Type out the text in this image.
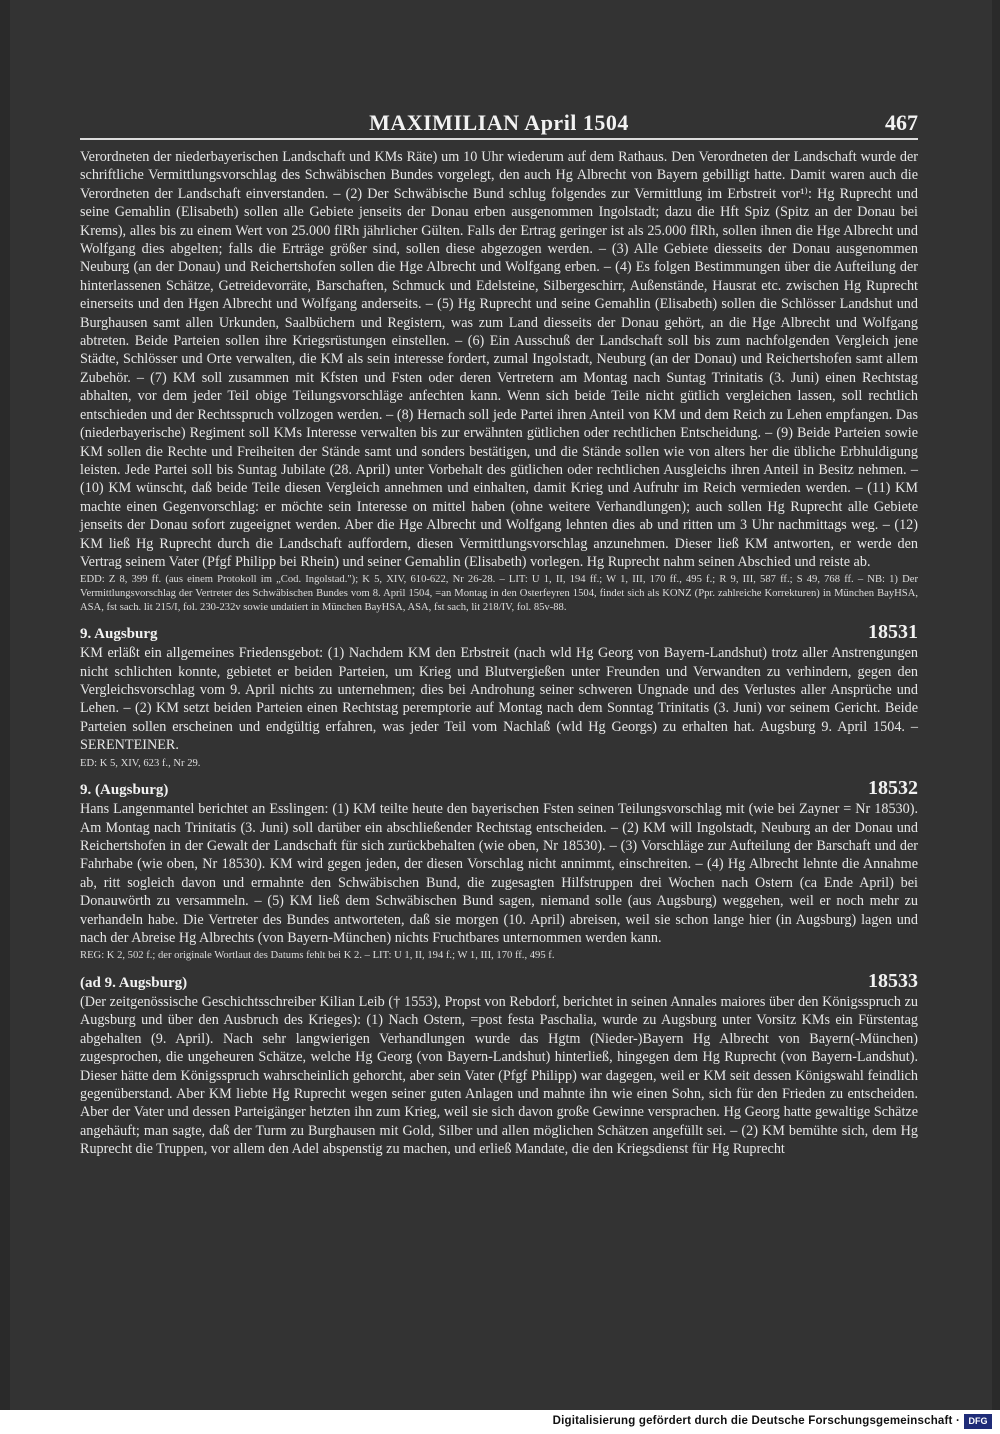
MAXIMILIAN April 1504	467

Verordneten der niederbayerischen Landschaft und KMs Räte) um 10 Uhr wiederum auf dem Rathaus. Den Verordneten der Landschaft wurde der schriftliche Vermittlungsvorschlag des Schwäbischen Bundes vorgelegt, den auch Hg Albrecht von Bayern gebilligt hatte. Damit waren auch die Verordneten der Landschaft einverstanden. – (2) Der Schwäbische Bund schlug folgendes zur Vermittlung im Erbstreit vor¹⁾: Hg Ruprecht und seine Gemahlin (Elisabeth) sollen alle Gebiete jenseits der Donau erben ausgenommen Ingolstadt; dazu die Hft Spiz (Spitz an der Donau bei Krems), alles bis zu einem Wert von 25.000 flRh jährlicher Gülten. Falls der Ertrag geringer ist als 25.000 flRh, sollen ihnen die Hge Albrecht und Wolfgang dies abgelten; falls die Erträge größer sind, sollen diese abgezogen werden. – (3) Alle Gebiete diesseits der Donau ausgenommen Neuburg (an der Donau) und Reichertshofen sollen die Hge Albrecht und Wolfgang erben. – (4) Es folgen Bestimmungen über die Aufteilung der hinterlassenen Schätze, Getreidevorräte, Barschaften, Schmuck und Edelsteine, Silbergeschirr, Außenstände, Hausrat etc. zwischen Hg Ruprecht einerseits und den Hgen Albrecht und Wolfgang anderseits. – (5) Hg Ruprecht und seine Gemahlin (Elisabeth) sollen die Schlösser Landshut und Burghausen samt allen Urkunden, Saalbüchern und Registern, was zum Land diesseits der Donau gehört, an die Hge Albrecht und Wolfgang abtreten. Beide Parteien sollen ihre Kriegsrüstungen einstellen. – (6) Ein Ausschuß der Landschaft soll bis zum nachfolgenden Vergleich jene Städte, Schlösser und Orte verwalten, die KM als sein interesse fordert, zumal Ingolstadt, Neuburg (an der Donau) und Reichertshofen samt allem Zubehör. – (7) KM soll zusammen mit Kfsten und Fsten oder deren Vertretern am Montag nach Suntag Trinitatis (3. Juni) einen Rechtstag abhalten, vor dem jeder Teil obige Teilungsvorschläge anfechten kann. Wenn sich beide Teile nicht gütlich vergleichen lassen, soll rechtlich entschieden und der Rechtsspruch vollzogen werden. – (8) Hernach soll jede Partei ihren Anteil von KM und dem Reich zu Lehen empfangen. Das (niederbayerische) Regiment soll KMs Interesse verwalten bis zur erwähnten gütlichen oder rechtlichen Entscheidung. – (9) Beide Parteien sowie KM sollen die Rechte und Freiheiten der Stände samt und sonders bestätigen, und die Stände sollen wie von alters her die übliche Erbhuldigung leisten. Jede Partei soll bis Suntag Jubilate (28. April) unter Vorbehalt des gütlichen oder rechtlichen Ausgleichs ihren Anteil in Besitz nehmen. – (10) KM wünscht, daß beide Teile diesen Vergleich annehmen und einhalten, damit Krieg und Aufruhr im Reich vermieden werden. – (11) KM machte einen Gegenvorschlag: er möchte sein Interesse on mittel haben (ohne weitere Verhandlungen); auch sollen Hg Ruprecht alle Gebiete jenseits der Donau sofort zugeeignet werden. Aber die Hge Albrecht und Wolfgang lehnten dies ab und ritten um 3 Uhr nachmittags weg. – (12) KM ließ Hg Ruprecht durch die Landschaft auffordern, diesen Vermittlungsvorschlag anzunehmen. Dieser ließ KM antworten, er werde den Vertrag seinem Vater (Pfgf Philipp bei Rhein) und seiner Gemahlin (Elisabeth) vorlegen. Hg Ruprecht nahm seinen Abschied und reiste ab.

EDD: Z 8, 399 ff. (aus einem Protokoll im „Cod. Ingolstad."); K 5, XIV, 610-622, Nr 26-28. – LIT: U 1, II, 194 ff.; W 1, III, 170 ff., 495 f.; R 9, III, 587 ff.; S 49, 768 ff. – NB: 1) Der Vermittlungsvorschlag der Vertreter des Schwäbischen Bundes vom 8. April 1504, =an Montag in den Osterfeyren 1504, findet sich als KONZ (Ppr. zahlreiche Korrekturen) in München BayHSA, ASA, fst sach. lit 215/I, fol. 230-232v sowie undatiert in München BayHSA, ASA, fst sach, lit 218/IV, fol. 85v-88.

9. Augsburg	18531

KM erläßt ein allgemeines Friedensgebot: (1) Nachdem KM den Erbstreit (nach wld Hg Georg von Bayern-Landshut) trotz aller Anstrengungen nicht schlichten konnte, gebietet er beiden Parteien, um Krieg und Blutvergießen unter Freunden und Verwandten zu verhindern, gegen den Vergleichsvorschlag vom 9. April nichts zu unternehmen; dies bei Androhung seiner schweren Ungnade und des Verlustes aller Ansprüche und Lehen. – (2) KM setzt beiden Parteien einen Rechtstag peremptorie auf Montag nach dem Sonntag Trinitatis (3. Juni) vor seinem Gericht. Beide Parteien sollen erscheinen und endgültig erfahren, was jeder Teil vom Nachlaß (wld Hg Georgs) zu erhalten hat. Augsburg 9. April 1504. – SERENTEINER.

ED: K 5, XIV, 623 f., Nr 29.

9. (Augsburg)	18532

Hans Langenmantel berichtet an Esslingen: (1) KM teilte heute den bayerischen Fsten seinen Teilungsvorschlag mit (wie bei Zayner = Nr 18530). Am Montag nach Trinitatis (3. Juni) soll darüber ein abschließender Rechtstag entscheiden. – (2) KM will Ingolstadt, Neuburg an der Donau und Reichertshofen in der Gewalt der Landschaft für sich zurückbehalten (wie oben, Nr 18530). – (3) Vorschläge zur Aufteilung der Barschaft und der Fahrhabe (wie oben, Nr 18530). KM wird gegen jeden, der diesen Vorschlag nicht annimmt, einschreiten. – (4) Hg Albrecht lehnte die Annahme ab, ritt sogleich davon und ermahnte den Schwäbischen Bund, die zugesagten Hilfstruppen drei Wochen nach Ostern (ca Ende April) bei Donauwörth zu versammeln. – (5) KM ließ dem Schwäbischen Bund sagen, niemand solle (aus Augsburg) weggehen, weil er noch mehr zu verhandeln habe. Die Vertreter des Bundes antworteten, daß sie morgen (10. April) abreisen, weil sie schon lange hier (in Augsburg) lagen und nach der Abreise Hg Albrechts (von Bayern-München) nichts Fruchtbares unternommen werden kann.

REG: K 2, 502 f.; der originale Wortlaut des Datums fehlt bei K 2. – LIT: U 1, II, 194 f.; W 1, III, 170 ff., 495 f.

(ad 9. Augsburg)	18533

(Der zeitgenössische Geschichtsschreiber Kilian Leib († 1553), Propst von Rebdorf, berichtet in seinen Annales maiores über den Königsspruch zu Augsburg und über den Ausbruch des Krieges): (1) Nach Ostern, =post festa Paschalia, wurde zu Augsburg unter Vorsitz KMs ein Fürstentag abgehalten (9. April). Nach sehr langwierigen Verhandlungen wurde das Hgtm (Nieder-)Bayern Hg Albrecht von Bayern(-München) zugesprochen, die ungeheuren Schätze, welche Hg Georg (von Bayern-Landshut) hinterließ, hingegen dem Hg Ruprecht (von Bayern-Landshut). Dieser hätte dem Königsspruch wahrscheinlich gehorcht, aber sein Vater (Pfgf Philipp) war dagegen, weil er KM seit dessen Königswahl feindlich gegenüberstand. Aber KM liebte Hg Ruprecht wegen seiner guten Anlagen und mahnte ihn wie einen Sohn, sich für den Frieden zu entscheiden. Aber der Vater und dessen Parteigänger hetzten ihn zum Krieg, weil sie sich davon große Gewinne versprachen. Hg Georg hatte gewaltige Schätze angehäuft; man sagte, daß der Turm zu Burghausen mit Gold, Silber und allen möglichen Schätzen angefüllt sei. – (2) KM bemühte sich, dem Hg Ruprecht die Truppen, vor allem den Adel abspenstig zu machen, und erließ Mandate, die den Kriegsdienst für Hg Ruprecht

Digitalisierung gefördert durch die Deutsche Forschungsgemeinschaft · DFG
